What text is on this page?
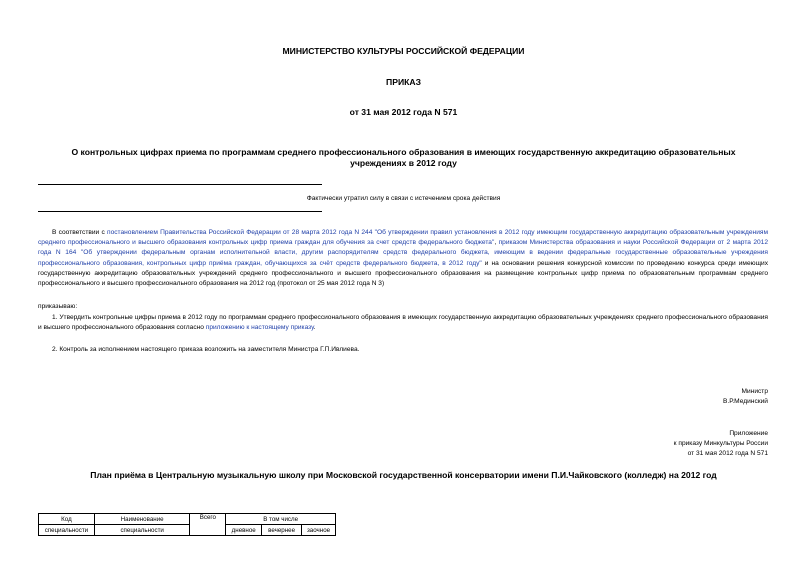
МИНИСТЕРСТВО КУЛЬТУРЫ РОССИЙСКОЙ ФЕДЕРАЦИИ
ПРИКАЗ
от 31 мая 2012 года N 571
О контрольных цифрах приема по программам среднего профессионального образования в имеющих государственную аккредитацию образовательных учреждениях в 2012 году
Фактически утратил силу в связи с истечением срока действия
В соответствии с постановлением Правительства Российской Федерации от 28 марта 2012 года N 244 "Об утверждении правил установления в 2012 году имеющим государственную аккредитацию образовательным учреждениям среднего профессионального и высшего образования контрольных цифр приема граждан для обучения за счет средств федерального бюджета", приказом Министерства образования и науки Российской Федерации от 2 марта 2012 года N 164 "Об утверждении федеральным органам исполнительной власти, другим распорядителям средств федерального бюджета, имеющим в ведении федеральные государственные образовательные учреждения профессионального образования, контрольных цифр приёма граждан, обучающихся за счёт средств федерального бюджета, в 2012 году" и на основании решения конкурсной комиссии по проведению конкурса среди имеющих государственную аккредитацию образовательных учреждений среднего профессионального и высшего профессионального образования на размещение контрольных цифр приема по образовательным программам среднего профессионального и высшего профессионального образования на 2012 год (протокол от 25 мая 2012 года N 3)
приказываю:
1. Утвердить контрольные цифры приема в 2012 году по программам среднего профессионального образования в имеющих государственную аккредитацию образовательных учреждениях среднего профессионального образования и высшего профессионального образования согласно приложению к настоящему приказу.
2. Контроль за исполнением настоящего приказа возложить на заместителя Министра Г.П.Ивлиева.
Министр
В.Р.Мединский
Приложение
к приказу Минкультуры России
от 31 мая 2012 года N 571
План приёма в Центральную музыкальную школу при Московской государственной консерватории имени П.И.Чайковского (колледж) на 2012 год
Код	Наименование	Всего	В том числе		
специальности	специальности		дневное	вечернее	заочное
